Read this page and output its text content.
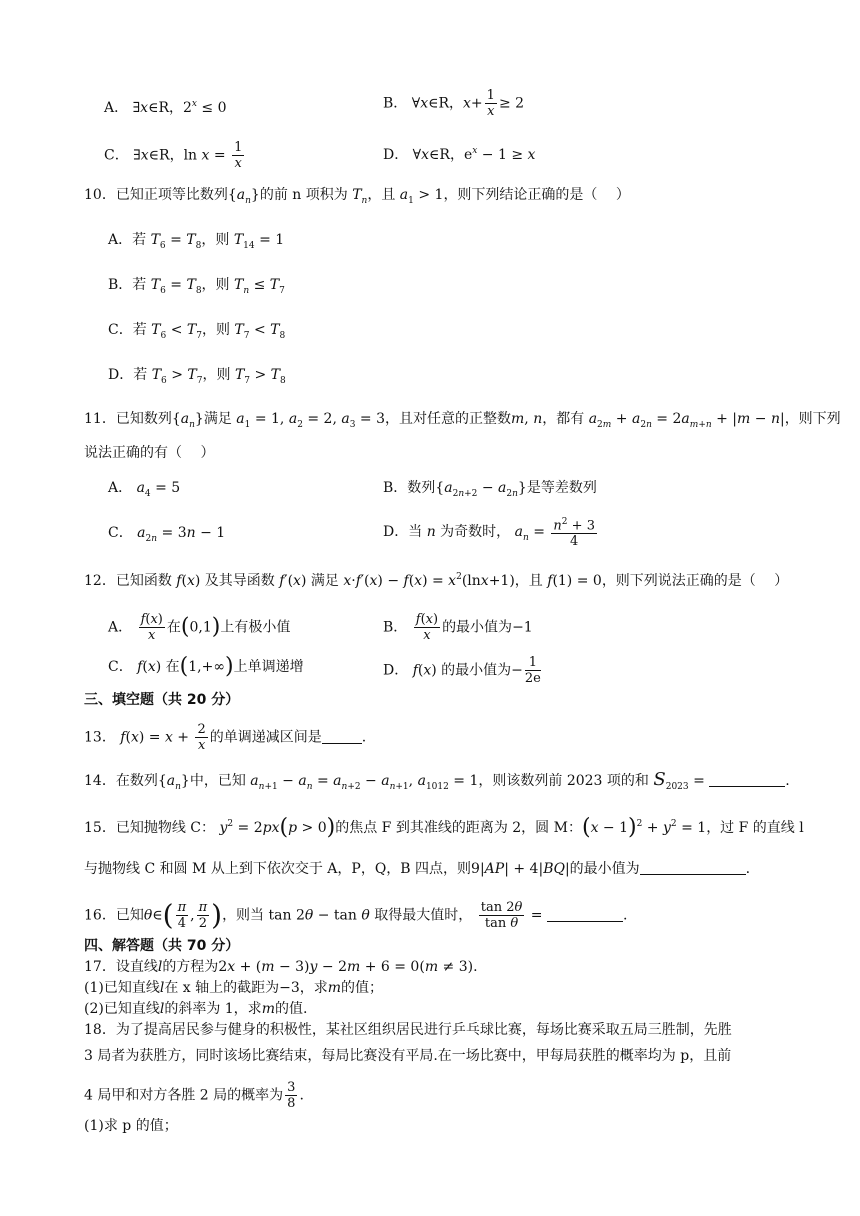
A． ∃x∈R，$2^x \le 0$	B． ∀x∈R，$x+ \frac{1}{x} \ge 2$
C． ∃x∈R，$\ln x = \frac{1}{x}$	D． ∀x∈R，$e^x - 1 \ge x$
10．已知正项等比数列$\{a_n\}$的前 n 项积为 $T_n$，且 $a_1 > 1$，则下列结论正确的是（　 ）
A．若 $T_6 = T_8$，则 $T_{14} = 1$
B．若 $T_6 = T_8$，则 $T_n \le T_7$
C．若 $T_6 < T_7$，则 $T_7 < T_8$
D．若 $T_6 > T_7$，则 $T_7 > T_8$
11．已知数列$\{a_n\}$满足 $a_1 = 1$, $a_2 = 2$, $a_3 = 3$，且对任意的正整数m, n，都有 $a_{2m} + a_{2n} = 2a_{m+n} + |m - n|$，则下列
说法正确的有（　 ）
A． $a_4 = 5$	B．数列$\{a_{2n+2} - a_{2n}\}$是等差数列
C． $a_{2n} = 3n - 1$	D．当 n 为奇数时， $a_n = \frac{n^2 + 3}{4}$
12．已知函数 f(x) 及其导函数 f′(x) 满足 $x\cdot f'(x) - f(x) = x^2(\ln x+1)$，且 f(1) = 0，则下列说法正确的是（　 ）
A． $\frac{f(x)}{x}$ 在(0,1)上有极小值	B． $\frac{f(x)}{x}$ 的最小值为−1
C． f(x) 在(1,+∞)上单调递增	D． f(x) 的最小值为− $\frac{1}{2e}$
三、填空题（共 20 分）
13． $f(x) = x + \frac{2}{x}$ 的单调递减区间是	.
14．在数列$\{a_n\}$中，已知 $a_{n+1} - a_n = a_{n+2} - a_{n+1}$, $a_{1012} = 1$，则该数列前 2023 项的和 $S_{2023}$ =	.
15．已知抛物线 C： $y^2 = 2px(p > 0)$的焦点 F 到其准线的距离为 2，圆 M：$(x - 1)^2 + y^2 = 1$，过 F 的直线 l
与抛物线 C 和圆 M 从上到下依次交于 A，P，Q，B 四点，则9|AP| + 4|BQ|的最小值为	.
16．已知θ∈( $\frac{\pi}{4}$ , $\frac{\pi}{2}$ )，则当 tan 2θ − tan θ 取得最大值时， $\frac{\tan 2\theta}{\text{tan θ}}$ =	.
四、解答题（共 70 分）
17．设直线l的方程为2x + (m − 3)y − 2m + 6 = 0(m ≠ 3).
(1)已知直线l在 x 轴上的截距为−3，求m的值；
(2)已知直线l的斜率为 1，求m的值.
18．为了提高居民参与健身的积极性，某社区组织居民进行乒乓球比赛，每场比赛采取五局三胜制，先胜
3 局者为获胜方，同时该场比赛结束，每局比赛没有平局.在一场比赛中，甲每局获胜的概率均为 p，且前
4 局甲和对方各胜 2 局的概率为 $\frac{3}{8}$ .
(1)求 p 的值；
